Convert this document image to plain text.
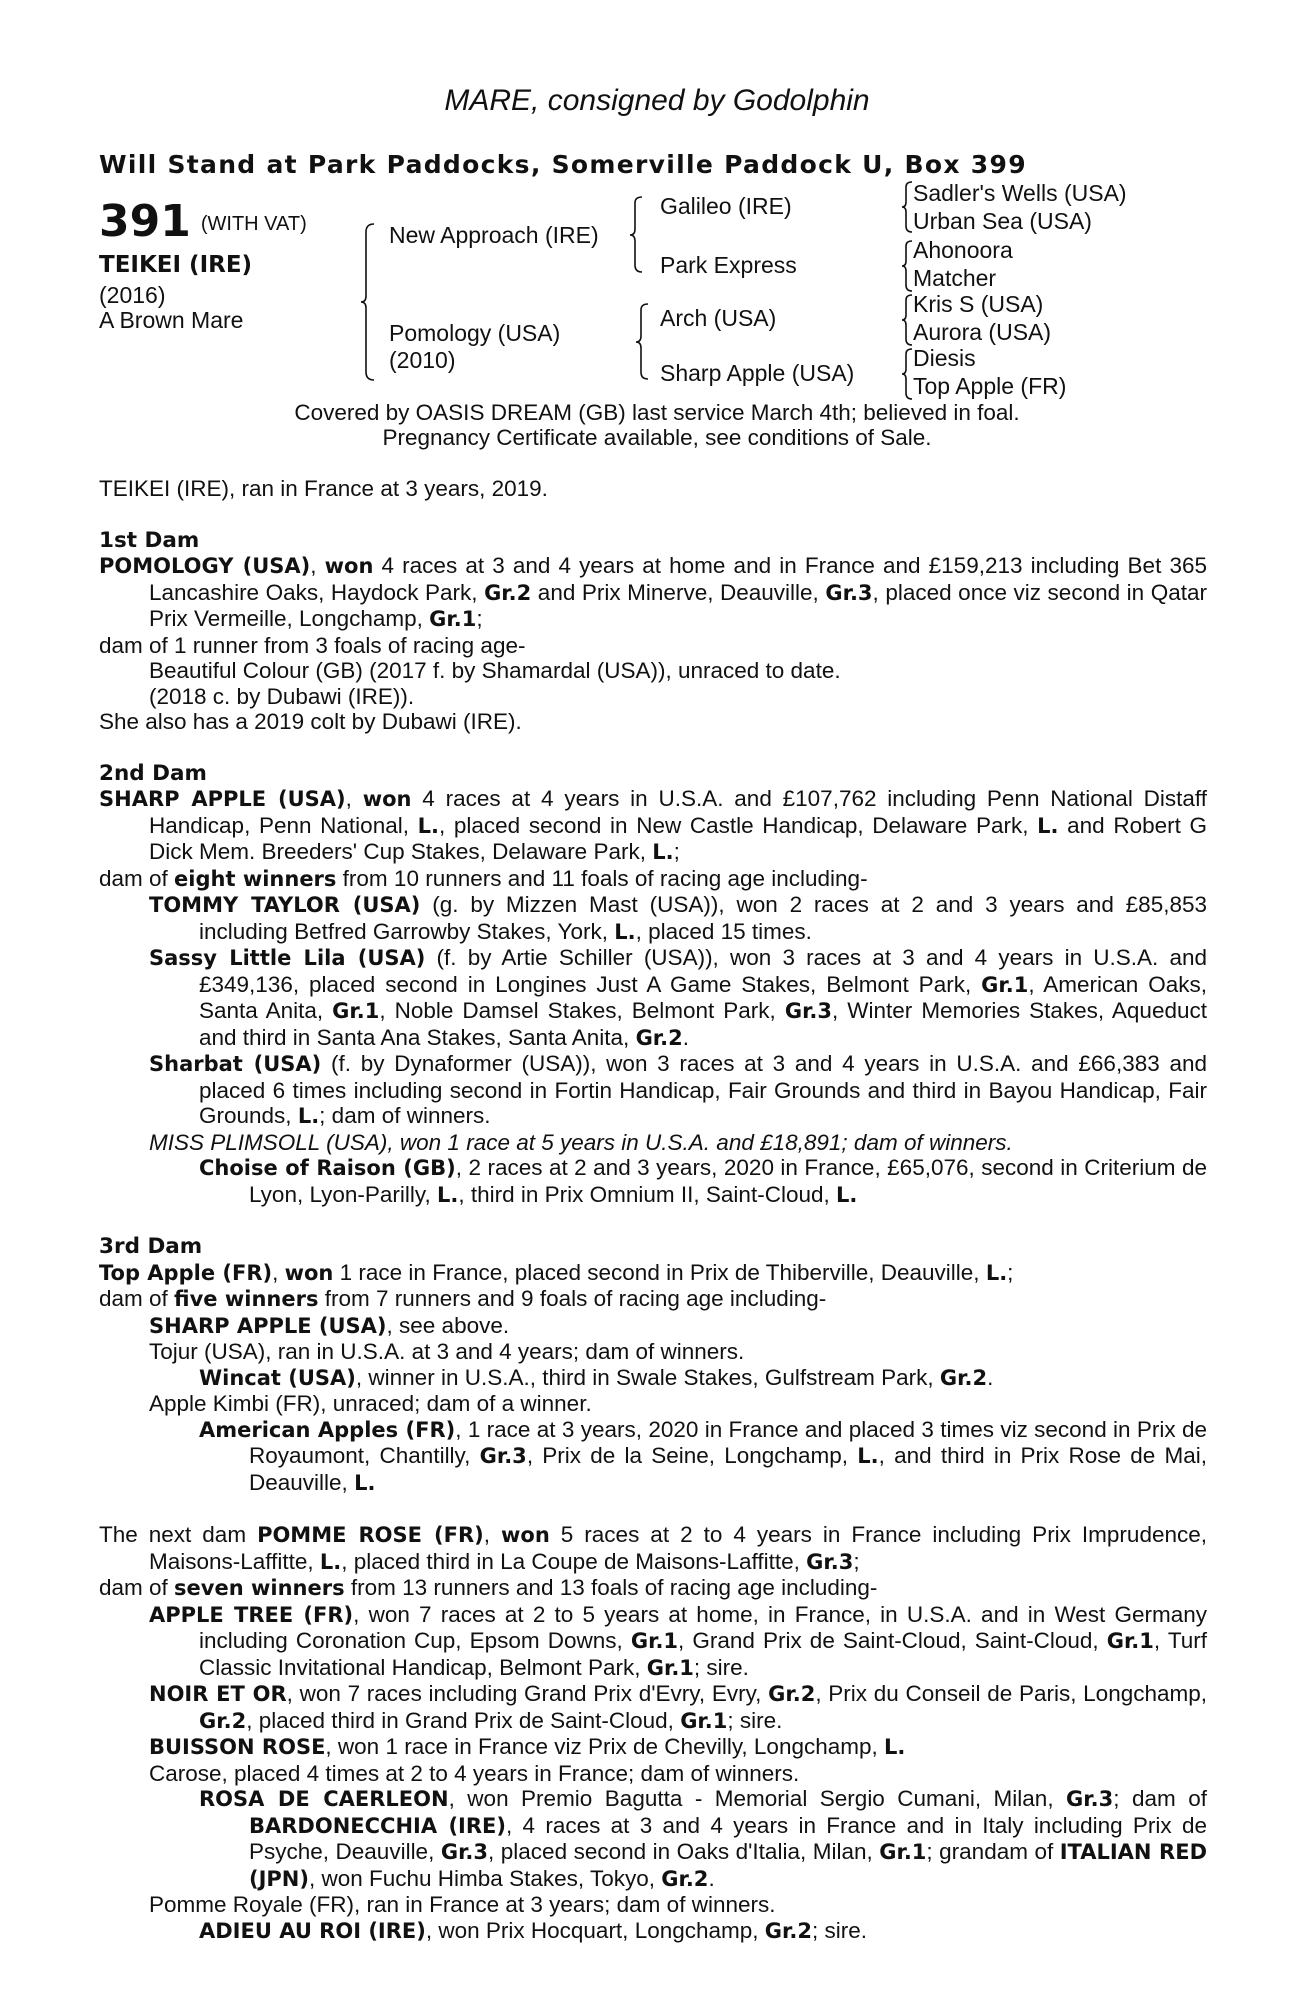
MARE, consigned by Godolphin
Will Stand at Park Paddocks, Somerville Paddock U, Box 399
391 (WITH VAT)
TEIKEI (IRE)
(2016)
A Brown Mare
New Approach (IRE)
Pomology (USA)
(2010)
Galileo (IRE)
Park Express
Arch (USA)
Sharp Apple (USA)
Sadler's Wells (USA)
Urban Sea (USA)
Ahonoora
Matcher
Kris S (USA)
Aurora (USA)
Diesis
Top Apple (FR)
Covered by OASIS DREAM (GB) last service March 4th; believed in foal.
Pregnancy Certificate available, see conditions of Sale.

TEIKEI (IRE), ran in France at 3 years, 2019.

1st Dam

POMOLOGY (USA), won 4 races at 3 and 4 years at home and in France and £159,213 including Bet 365 Lancashire Oaks, Haydock Park, Gr.2 and Prix Minerve, Deauville, Gr.3, placed once viz second in Qatar Prix Vermeille, Longchamp, Gr.1;

dam of 1 runner from 3 foals of racing age-

Beautiful Colour (GB) (2017 f. by Shamardal (USA)), unraced to date.

(2018 c. by Dubawi (IRE)).

She also has a 2019 colt by Dubawi (IRE).

2nd Dam

SHARP APPLE (USA), won 4 races at 4 years in U.S.A. and £107,762 including Penn National Distaff Handicap, Penn National, L., placed second in New Castle Handicap, Delaware Park, L. and Robert G Dick Mem. Breeders' Cup Stakes, Delaware Park, L.;

dam of eight winners from 10 runners and 11 foals of racing age including-

TOMMY TAYLOR (USA) (g. by Mizzen Mast (USA)), won 2 races at 2 and 3 years and £85,853 including Betfred Garrowby Stakes, York, L., placed 15 times.

Sassy Little Lila (USA) (f. by Artie Schiller (USA)), won 3 races at 3 and 4 years in U.S.A. and £349,136, placed second in Longines Just A Game Stakes, Belmont Park, Gr.1, American Oaks, Santa Anita, Gr.1, Noble Damsel Stakes, Belmont Park, Gr.3, Winter Memories Stakes, Aqueduct and third in Santa Ana Stakes, Santa Anita, Gr.2.

Sharbat (USA) (f. by Dynaformer (USA)), won 3 races at 3 and 4 years in U.S.A. and £66,383 and placed 6 times including second in Fortin Handicap, Fair Grounds and third in Bayou Handicap, Fair Grounds, L.; dam of winners.

MISS PLIMSOLL (USA), won 1 race at 5 years in U.S.A. and £18,891; dam of winners.

Choise of Raison (GB), 2 races at 2 and 3 years, 2020 in France, £65,076, second in Criterium de Lyon, Lyon-Parilly, L., third in Prix Omnium II, Saint-Cloud, L.

3rd Dam

Top Apple (FR), won 1 race in France, placed second in Prix de Thiberville, Deauville, L.;

dam of five winners from 7 runners and 9 foals of racing age including-

SHARP APPLE (USA), see above.

Tojur (USA), ran in U.S.A. at 3 and 4 years; dam of winners.

Wincat (USA), winner in U.S.A., third in Swale Stakes, Gulfstream Park, Gr.2.

Apple Kimbi (FR), unraced; dam of a winner.

American Apples (FR), 1 race at 3 years, 2020 in France and placed 3 times viz second in Prix de Royaumont, Chantilly, Gr.3, Prix de la Seine, Longchamp, L., and third in Prix Rose de Mai, Deauville, L.

The next dam POMME ROSE (FR), won 5 races at 2 to 4 years in France including Prix Imprudence, Maisons-Laffitte, L., placed third in La Coupe de Maisons-Laffitte, Gr.3;

dam of seven winners from 13 runners and 13 foals of racing age including-

APPLE TREE (FR), won 7 races at 2 to 5 years at home, in France, in U.S.A. and in West Germany including Coronation Cup, Epsom Downs, Gr.1, Grand Prix de Saint-Cloud, Saint-Cloud, Gr.1, Turf Classic Invitational Handicap, Belmont Park, Gr.1; sire.

NOIR ET OR, won 7 races including Grand Prix d'Evry, Evry, Gr.2, Prix du Conseil de Paris, Longchamp, Gr.2, placed third in Grand Prix de Saint-Cloud, Gr.1; sire.

BUISSON ROSE, won 1 race in France viz Prix de Chevilly, Longchamp, L.

Carose, placed 4 times at 2 to 4 years in France; dam of winners.

ROSA DE CAERLEON, won Premio Bagutta - Memorial Sergio Cumani, Milan, Gr.3; dam of BARDONECCHIA (IRE), 4 races at 3 and 4 years in France and in Italy including Prix de Psyche, Deauville, Gr.3, placed second in Oaks d'Italia, Milan, Gr.1; grandam of ITALIAN RED (JPN), won Fuchu Himba Stakes, Tokyo, Gr.2.

Pomme Royale (FR), ran in France at 3 years; dam of winners.

ADIEU AU ROI (IRE), won Prix Hocquart, Longchamp, Gr.2; sire.
